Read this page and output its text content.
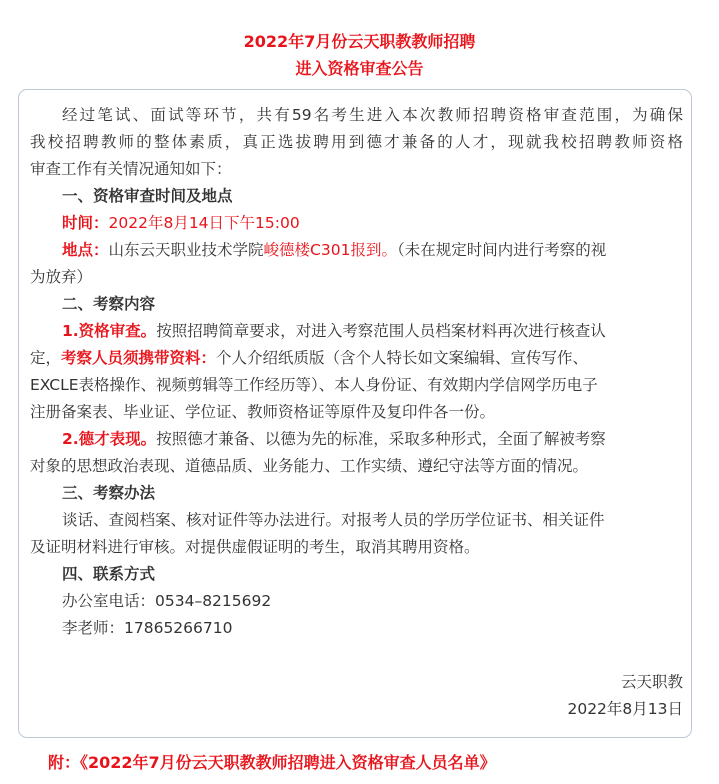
2022年7月份云天职教教师招聘
进入资格审查公告
经过笔试、面试等环节，共有59名考生进入本次教师招聘资格审查范围，为确保
我校招聘教师的整体素质，真正选拔聘用到德才兼备的人才，现就我校招聘教师资格
审查工作有关情况通知如下：
一、资格审查时间及地点
时间：2022年8月14日下午15:00
地点：山东云天职业技术学院峻德楼C301报到。（未在规定时间内进行考察的视
为放弃）
二、考察内容
1.资格审查。按照招聘简章要求，对进入考察范围人员档案材料再次进行核查认
定，考察人员须携带资料：个人介绍纸质版（含个人特长如文案编辑、宣传写作、
EXCLE表格操作、视频剪辑等工作经历等）、本人身份证、有效期内学信网学历电子
注册备案表、毕业证、学位证、教师资格证等原件及复印件各一份。
2.德才表现。按照德才兼备、以德为先的标准，采取多种形式，全面了解被考察
对象的思想政治表现、道德品质、业务能力、工作实绩、遵纪守法等方面的情况。
三、考察办法
谈话、查阅档案、核对证件等办法进行。对报考人员的学历学位证书、相关证件
及证明材料进行审核。对提供虚假证明的考生，取消其聘用资格。
四、联系方式
办公室电话：0534–8215692
李老师：17865266710
云天职教
2022年8月13日
附：《2022年7月份云天职教教师招聘进入资格审查人员名单》
